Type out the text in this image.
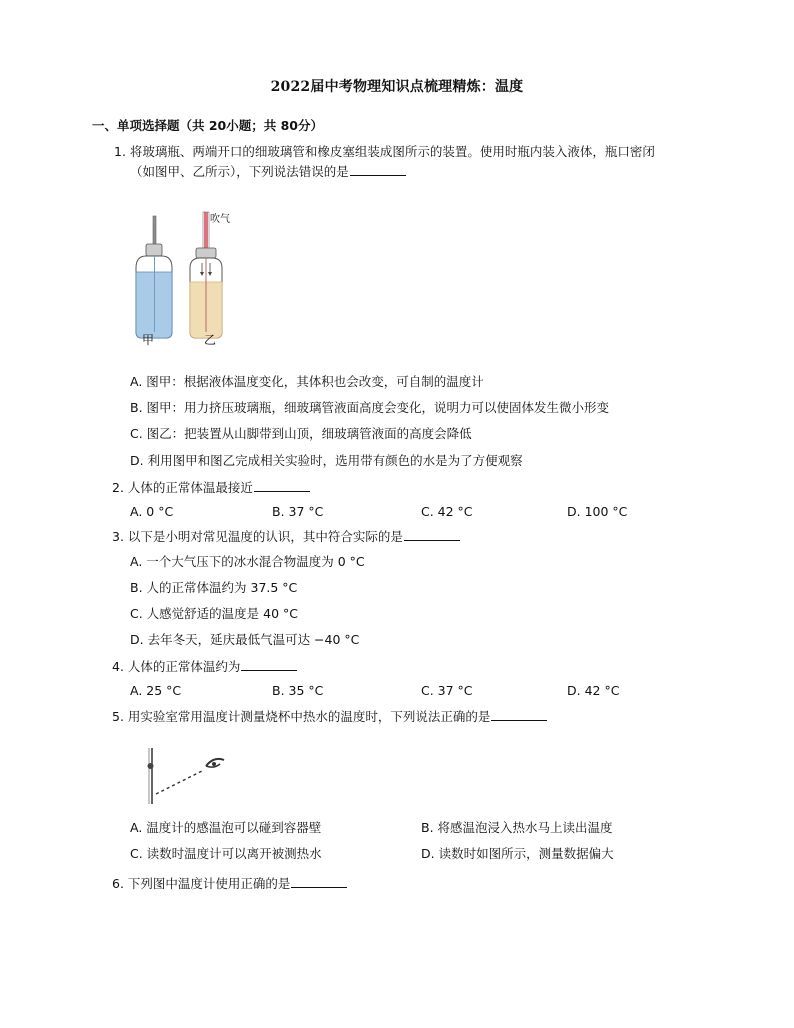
2022届中考物理知识点梳理精炼：温度
一、单项选择题（共 20小题；共 80分）
1. 将玻璃瓶、两端开口的细玻璃管和橡皮塞组装成图所示的装置。使用时瓶内装入液体，瓶口密闭
（如图甲、乙所示），下列说法错误的是
吹气
甲	乙
A. 图甲：根据液体温度变化，其体积也会改变，可自制的温度计
B. 图甲：用力挤压玻璃瓶，细玻璃管液面高度会变化，说明力可以使固体发生微小形变
C. 图乙：把装置从山脚带到山顶，细玻璃管液面的高度会降低
D. 利用图甲和图乙完成相关实验时，选用带有颜色的水是为了方便观察
2. 人体的正常体温最接近
A. 0 °C	B. 37 °C	C. 42 °C	D. 100 °C
3. 以下是小明对常见温度的认识，其中符合实际的是
A. 一个大气压下的冰水混合物温度为 0 °C
B. 人的正常体温约为 37.5 °C
C. 人感觉舒适的温度是 40 °C
D. 去年冬天，延庆最低气温可达 −40 °C
4. 人体的正常体温约为
A. 25 °C	B. 35 °C	C. 37 °C	D. 42 °C
5. 用实验室常用温度计测量烧杯中热水的温度时，下列说法正确的是
A. 温度计的感温泡可以碰到容器壁	B. 将感温泡浸入热水马上读出温度
C. 读数时温度计可以离开被测热水	D. 读数时如图所示，测量数据偏大
6. 下列图中温度计使用正确的是
